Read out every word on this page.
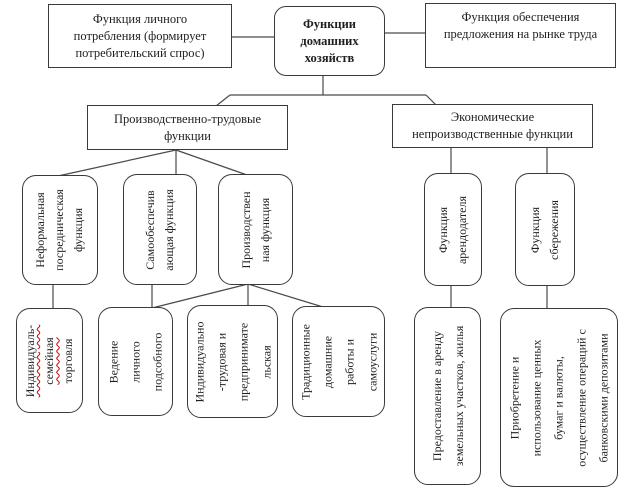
Функция личного
потребления (формирует
потребительский спрос)
Функции
домашних
хозяйств
Функция обеспечения
предложения на рынке труда
Производственно-трудовые
функции
Экономические
непроизводственные функции
Неформальная посредническая функция	Самообеспечив ающая функция	Производствен ная функция	Функция арендодателя	Функция сбережения
Индивидуаль- семейная торговля	Ведение личного подсобного	Индивидуально -трудовая и предпринимате льская	Традиционные домашние работы и самоуслуги	Предоставление в аренду земельных участков, жилья	Приобретение и использование ценных бумаг и валюты, осуществление операций с банковскими депозитами
